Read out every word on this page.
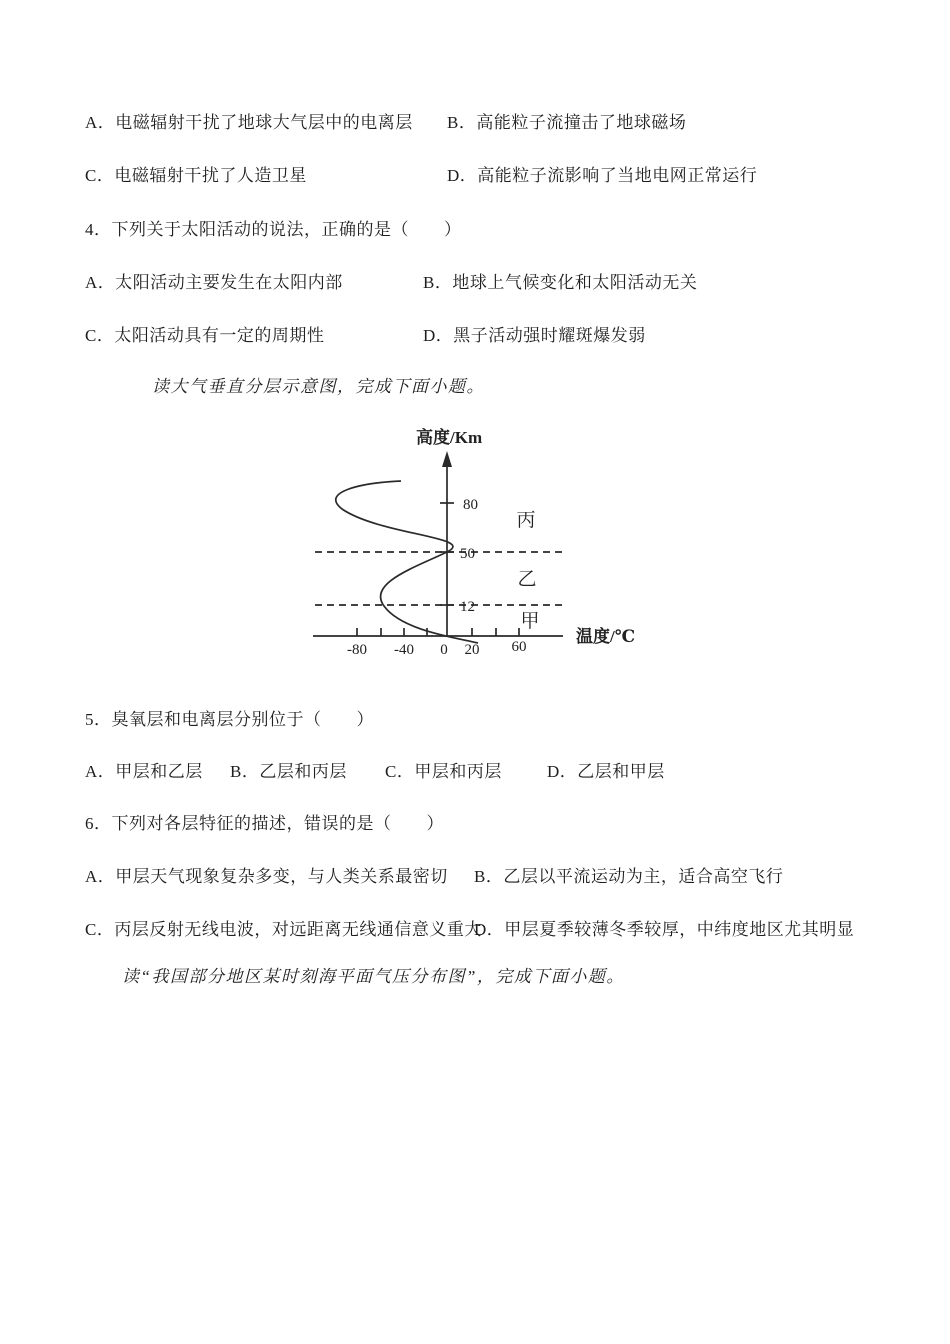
A．电磁辐射干扰了地球大气层中的电离层 B．高能粒子流撞击了地球磁场
C．电磁辐射干扰了人造卫星	D．高能粒子流影响了当地电网正常运行
4．下列关于太阳活动的说法，正确的是（　　）
A．太阳活动主要发生在太阳内部	B．地球上气候变化和太阳活动无关
C．太阳活动具有一定的周期性	D．黑子活动强时耀斑爆发弱
读大气垂直分层示意图，完成下面小题。
高度/Km
温度/℃
80
50
12
-80 -40 0 20 60
丙
乙
甲
5．臭氧层和电离层分别位于（　　）
A．甲层和乙层 B．乙层和丙层 C．甲层和丙层	D．乙层和甲层
6．下列对各层特征的描述，错误的是（　　）
A．甲层天气现象复杂多变，与人类关系最密切 B．乙层以平流运动为主，适合高空飞行
C．丙层反射无线电波，对远距离无线通信意义重大
D．甲层夏季较薄冬季较厚，中纬度地区尤其明显
读“我国部分地区某时刻海平面气压分布图”，完成下面小题。
